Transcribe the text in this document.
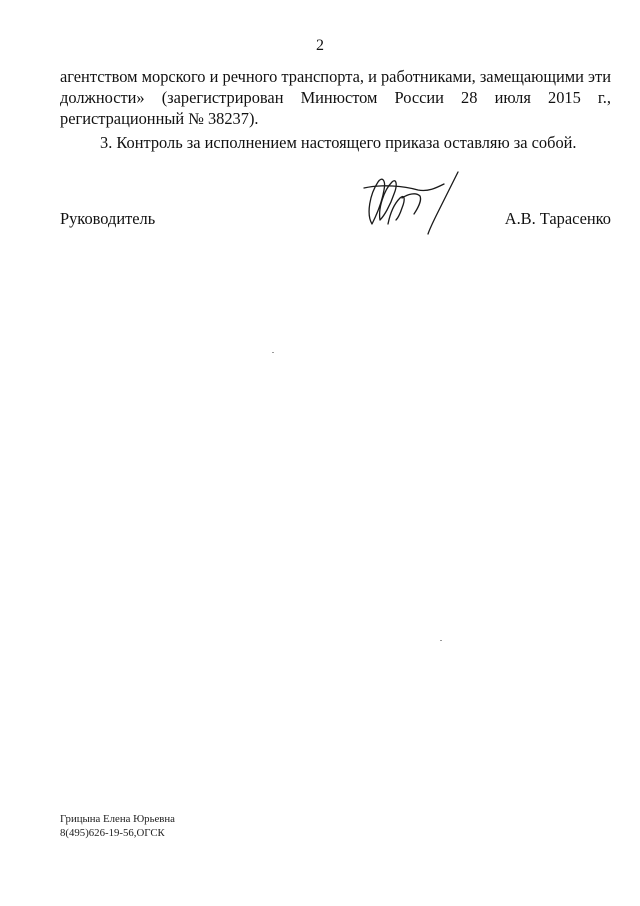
2

агентством морского и речного транспорта, и работниками, замещающими эти должности» (зарегистрирован Минюстом России 28 июля 2015 г., регистрационный № 38237).

3. Контроль за исполнением настоящего приказа оставляю за собой.

Руководитель	А.В. Тарасенко
Грицына Елена Юрьевна
8(495)626-19-56,ОГСК
